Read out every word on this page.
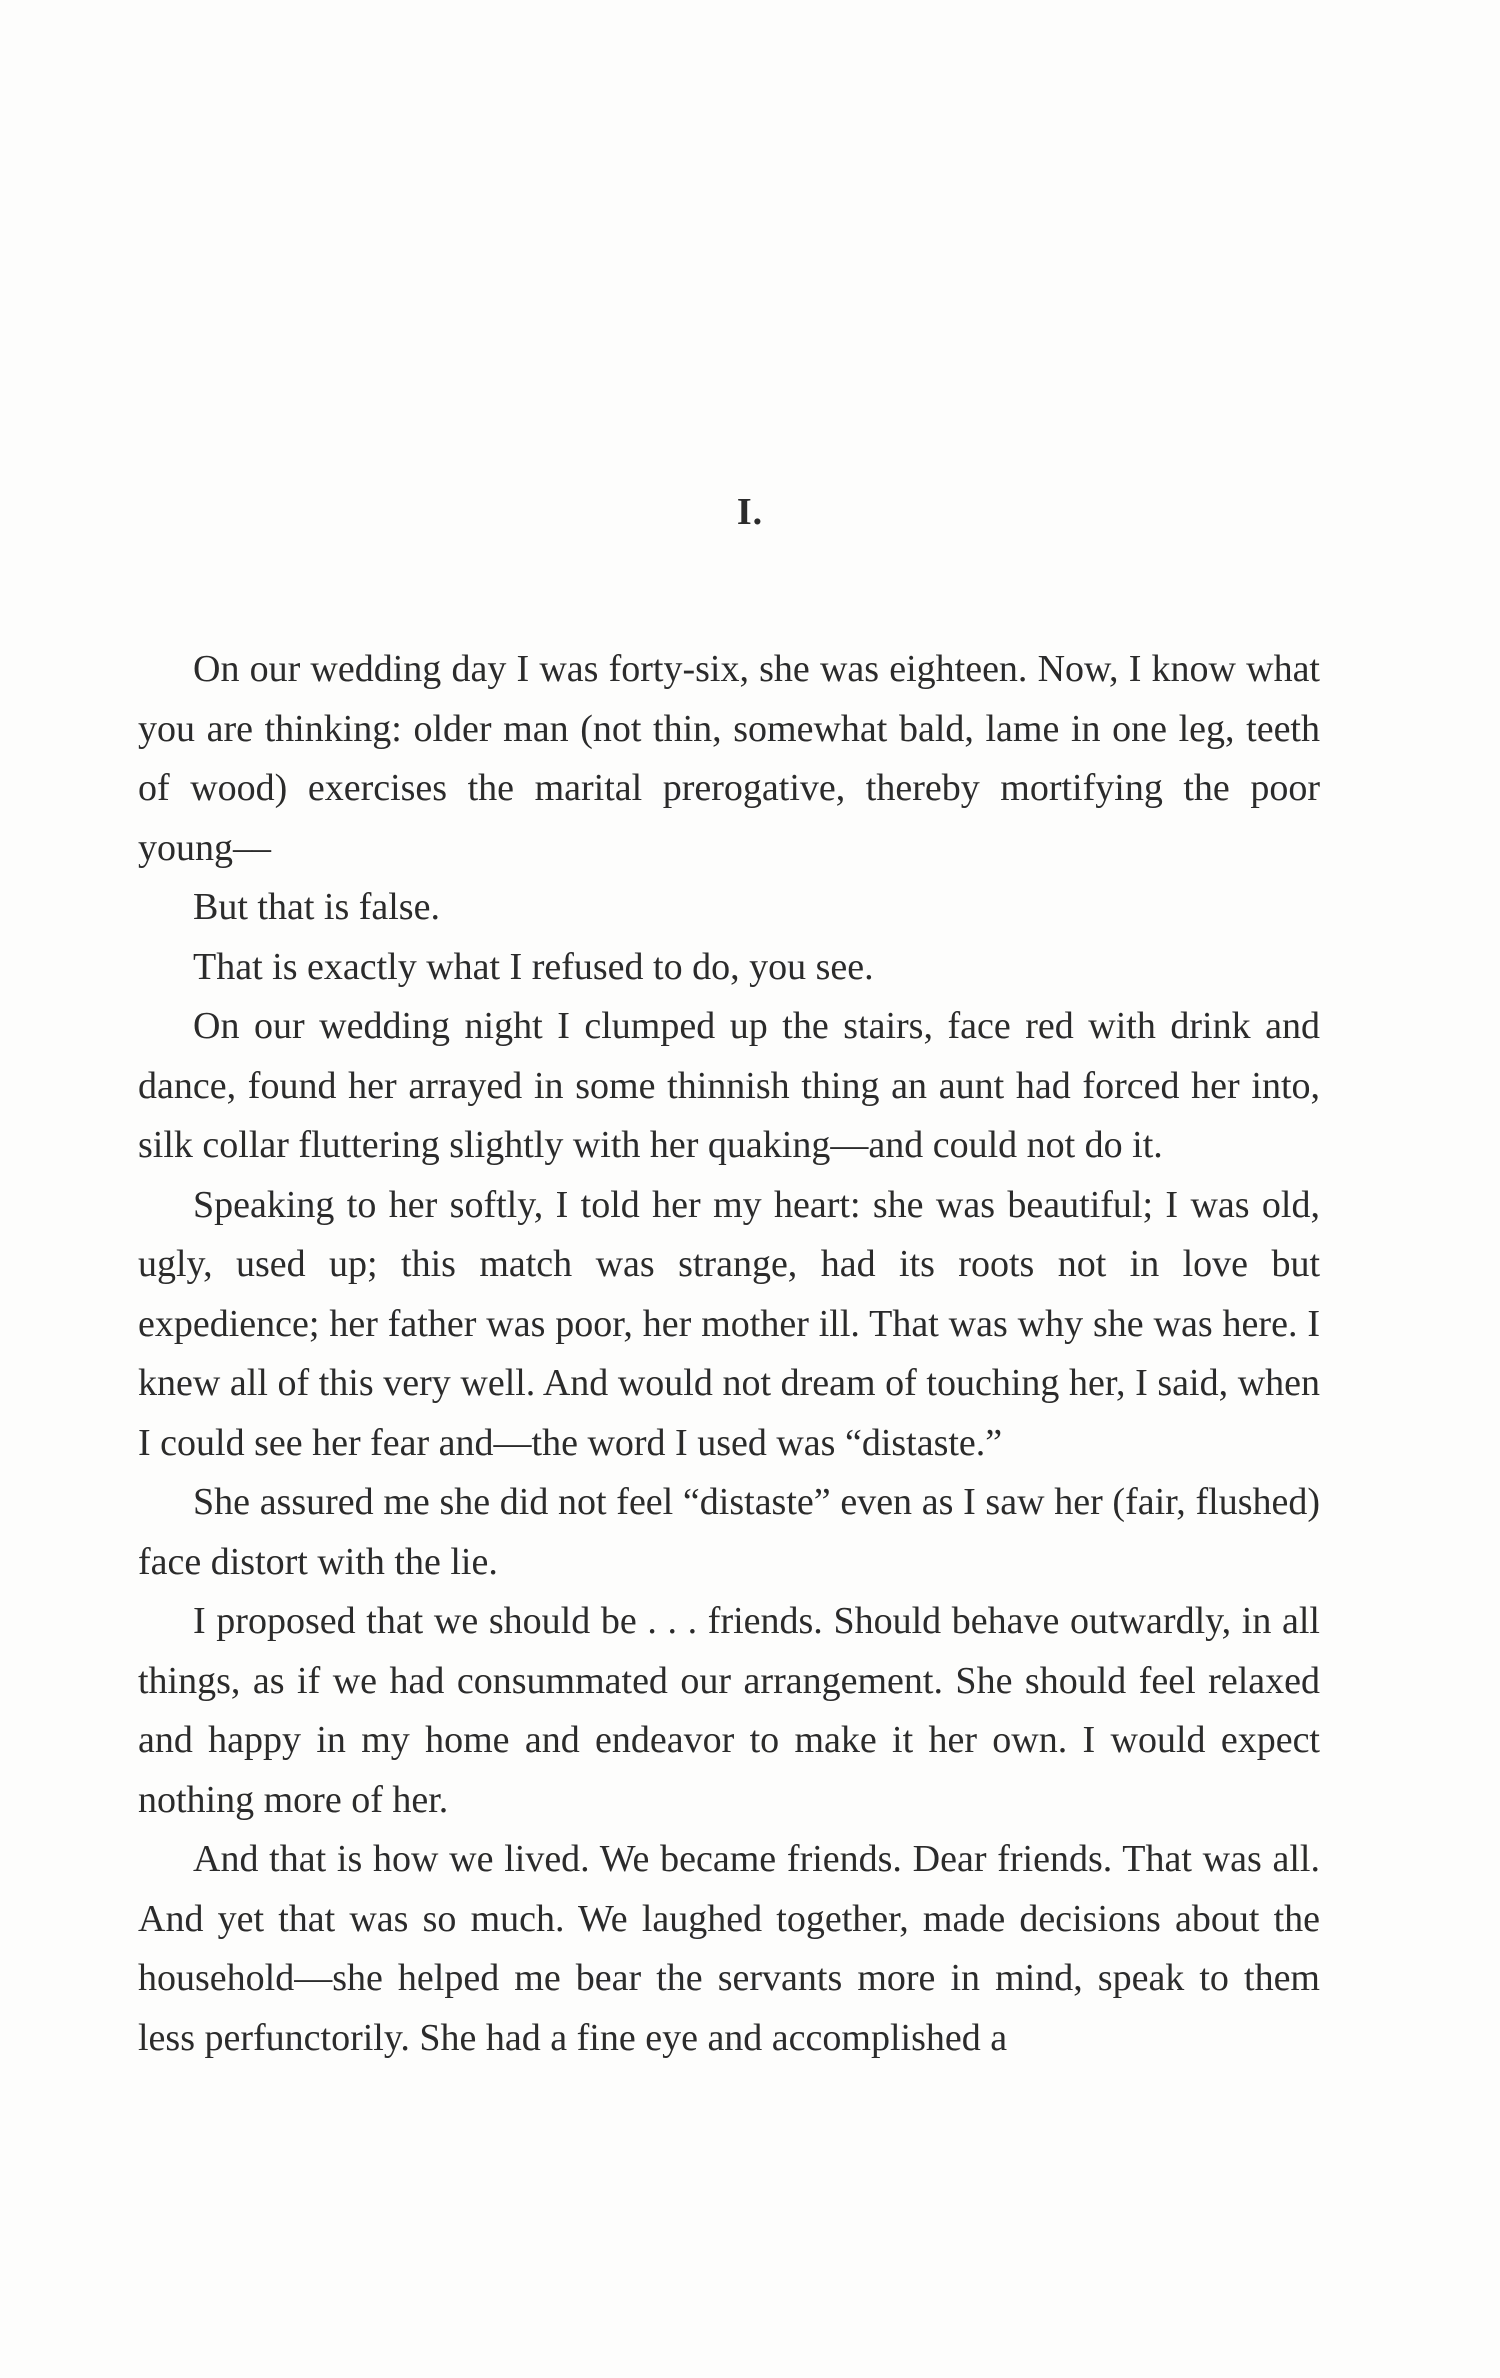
I.

On our wedding day I was forty-six, she was eighteen. Now, I know what you are thinking: older man (not thin, somewhat bald, lame in one leg, teeth of wood) exercises the marital prerogative, thereby mortifying the poor young––

But that is false.

That is exactly what I refused to do, you see.

On our wedding night I clumped up the stairs, face red with drink and dance, found her arrayed in some thinnish thing an aunt had forced her into, silk collar fluttering slightly with her quaking—and could not do it.

Speaking to her softly, I told her my heart: she was beautiful; I was old, ugly, used up; this match was strange, had its roots not in love but expedience; her father was poor, her mother ill. That was why she was here. I knew all of this very well. And would not dream of touching her, I said, when I could see her fear and—the word I used was “distaste.”

She assured me she did not feel “distaste” even as I saw her (fair, flushed) face distort with the lie.

I proposed that we should be . . . friends. Should behave outwardly, in all things, as if we had consummated our arrangement. She should feel relaxed and happy in my home and endeavor to make it her own. I would expect nothing more of her.

And that is how we lived. We became friends. Dear friends. That was all. And yet that was so much. We laughed together, made decisions about the household—she helped me bear the servants more in mind, speak to them less perfunctorily. She had a fine eye and accomplished a
